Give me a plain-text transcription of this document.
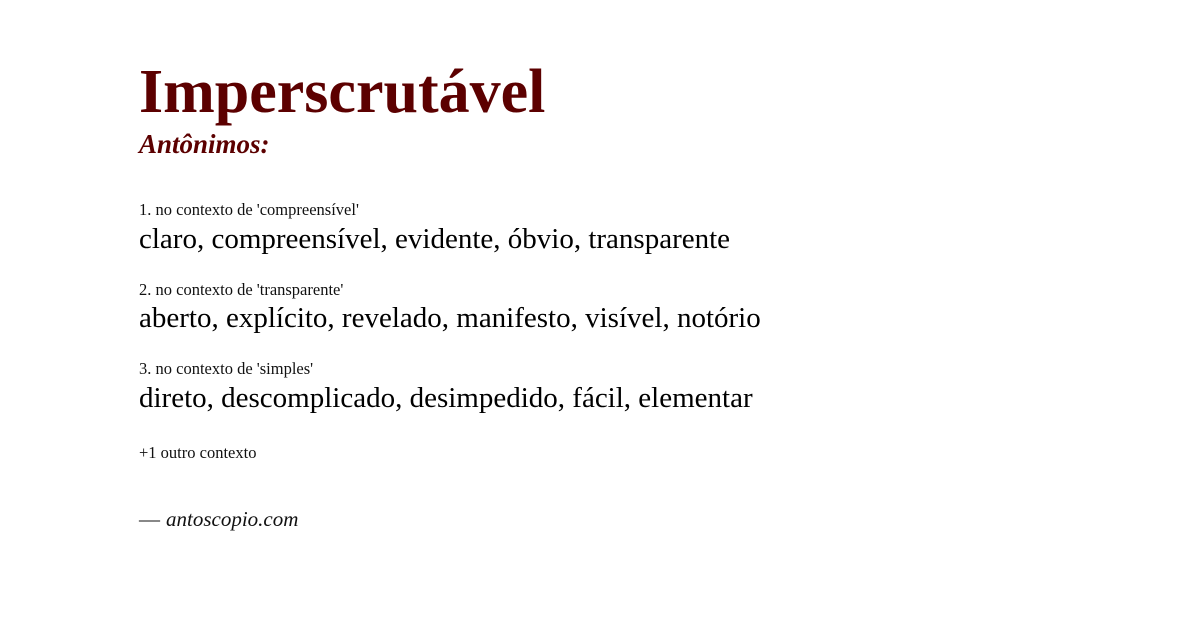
Imperscrutável
Antônimos:
1. no contexto de 'compreensível'
claro, compreensível, evidente, óbvio, transparente
2. no contexto de 'transparente'
aberto, explícito, revelado, manifesto, visível, notório
3. no contexto de 'simples'
direto, descomplicado, desimpedido, fácil, elementar
+1 outro contexto
— antoscopio.com
